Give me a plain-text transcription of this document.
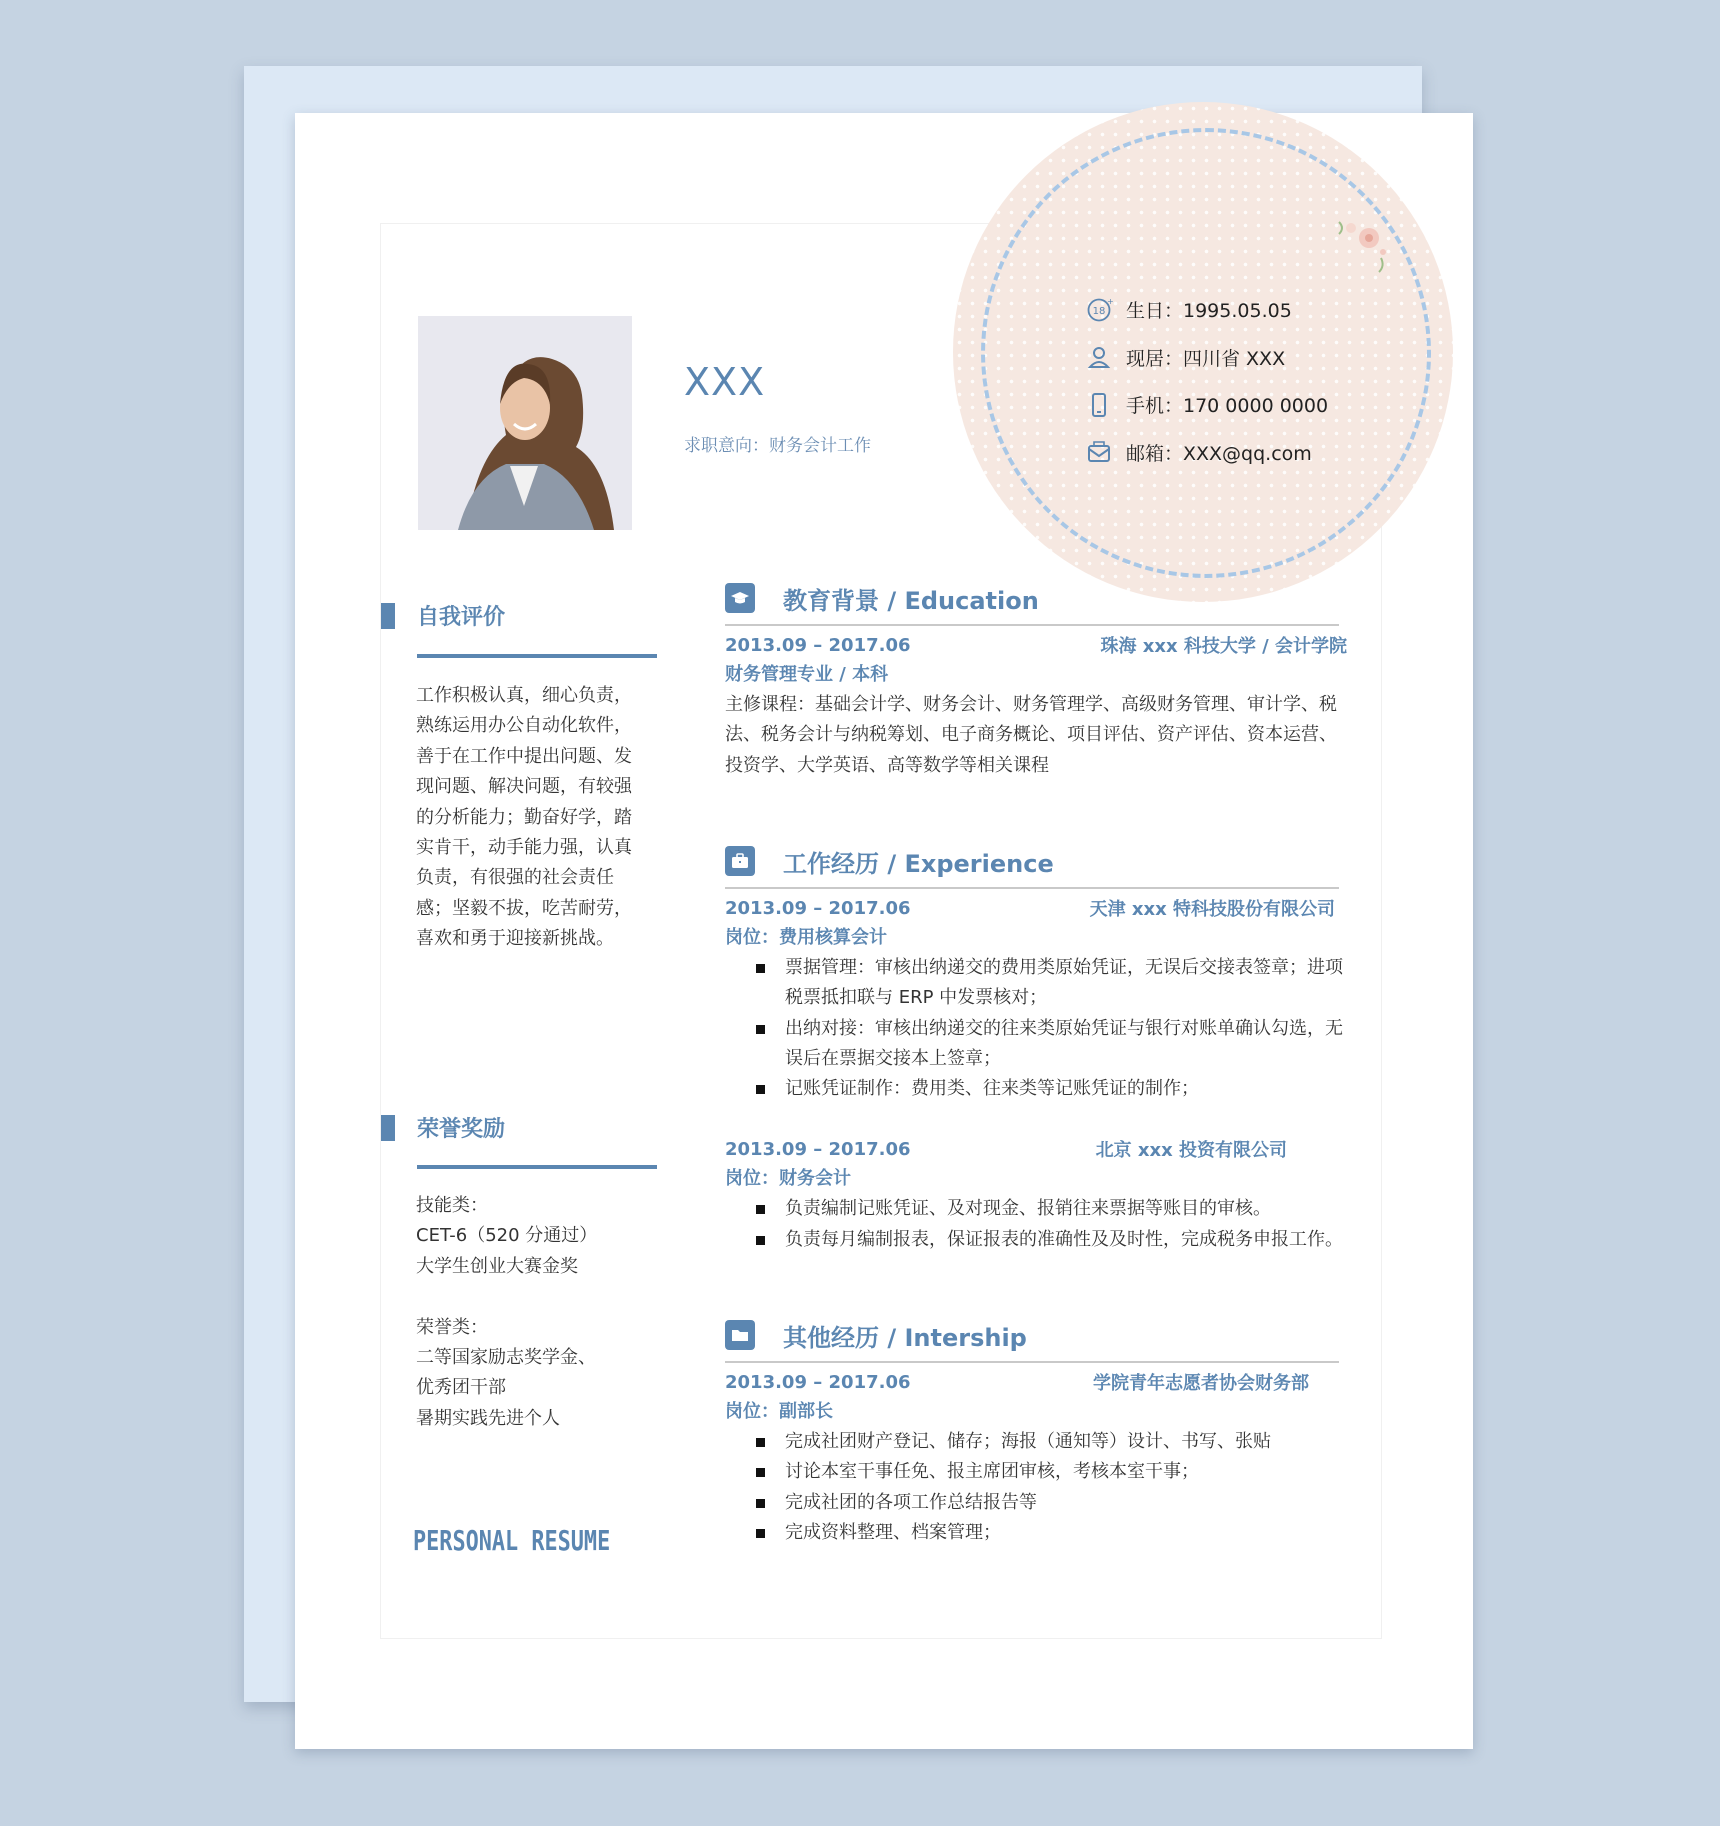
XXX
求职意向：财务会计工作
18
+ 生日：1995.05.05
现居：四川省 XXX
手机：170 0000 0000
邮箱：XXX@qq.com
自我评价

工作积极认真，细心负责，

熟练运用办公自动化软件，

善于在工作中提出问题、发

现问题、解决问题，有较强

的分析能力；勤奋好学，踏

实肯干，动手能力强，认真

负责，有很强的社会责任

感；坚毅不拔，吃苦耐劳，

喜欢和勇于迎接新挑战。

荣誉奖励

技能类：

CET-6（520 分通过）

大学生创业大赛金奖

荣誉类：

二等国家励志奖学金、

优秀团干部

暑期实践先进个人

PERSONAL RESUME
教育背景 / Education
2013.09 – 2017.06	珠海 xxx 科技大学 / 会计学院
财务管理专业 / 本科
主修课程：基础会计学、财务会计、财务管理学、高级财务管理、审计学、税法、税务会计与纳税筹划、电子商务概论、项目评估、资产评估、资本运营、投资学、大学英语、高等数学等相关课程
工作经历 / Experience
2013.09 – 2017.06	天津 xxx 特科技股份有限公司
岗位：费用核算会计
票据管理：审核出纳递交的费用类原始凭证，无误后交接表签章；进项税票抵扣联与 ERP 中发票核对；
出纳对接：审核出纳递交的往来类原始凭证与银行对账单确认勾选，无误后在票据交接本上签章；
记账凭证制作：费用类、往来类等记账凭证的制作；
2013.09 – 2017.06	北京 xxx 投资有限公司
岗位：财务会计
负责编制记账凭证、及对现金、报销往来票据等账目的审核。
负责每月编制报表，保证报表的准确性及及时性，完成税务申报工作。
其他经历 / Intership
2013.09 – 2017.06	学院青年志愿者协会财务部
岗位：副部长
完成社团财产登记、储存；海报（通知等）设计、书写、张贴
讨论本室干事任免、报主席团审核，考核本室干事；
完成社团的各项工作总结报告等
完成资料整理、档案管理；
